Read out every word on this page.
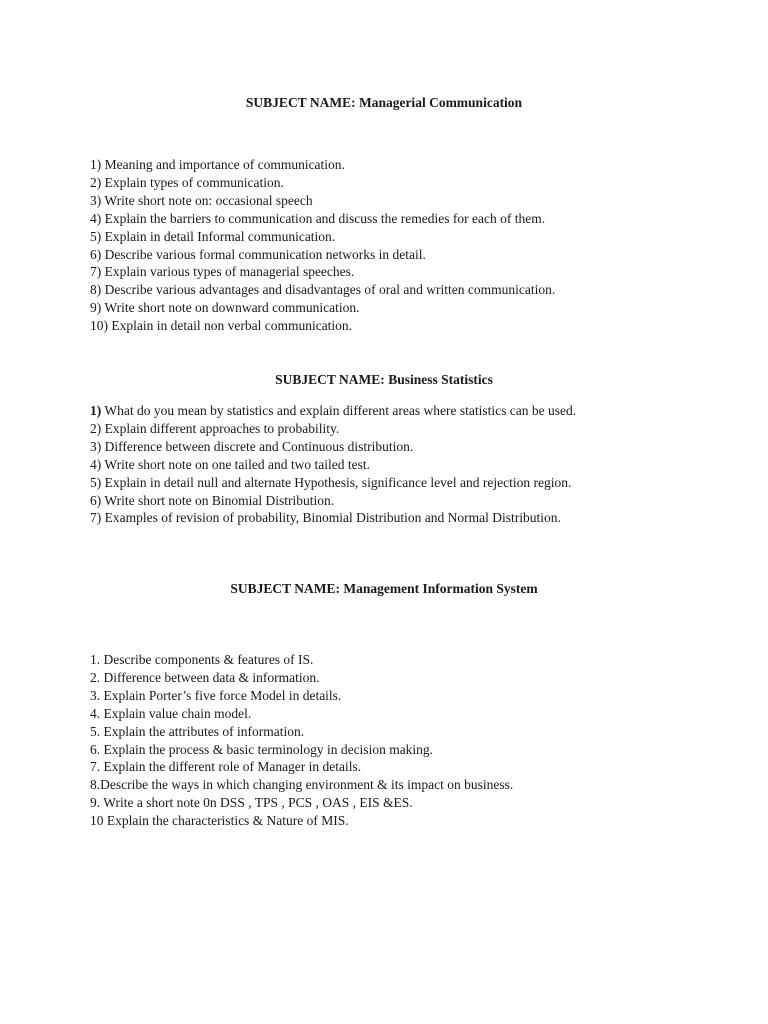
SUBJECT NAME: Managerial Communication
1) Meaning and importance of communication.
2) Explain types of communication.
3) Write short note on: occasional speech
4) Explain the barriers to communication and discuss the remedies for each of them.
5) Explain in detail Informal communication.
6) Describe various formal communication networks in detail.
7) Explain various types of managerial speeches.
8) Describe various advantages and disadvantages of oral and written communication.
9) Write short note on downward communication.
10) Explain in detail non verbal communication.
SUBJECT NAME: Business Statistics
1) What do you mean by statistics and explain different areas where statistics can be used.
2) Explain different approaches to probability.
3) Difference between discrete and Continuous distribution.
4) Write short note on one tailed and two tailed test.
5) Explain in detail null and alternate Hypothesis, significance level and rejection region.
6) Write short note on Binomial Distribution.
7) Examples of revision of probability, Binomial Distribution and Normal Distribution.
SUBJECT NAME: Management Information System
1. Describe components & features of IS.
2. Difference between data & information.
3. Explain Porter’s five force Model in details.
4. Explain value chain model.
5. Explain the attributes of information.
6. Explain the process & basic terminology in decision making.
7. Explain the different role of Manager in details.
8.Describe the ways in which changing environment & its impact on business.
9. Write a short note 0n DSS , TPS , PCS , OAS , EIS &ES.
10 Explain the characteristics & Nature of MIS.
